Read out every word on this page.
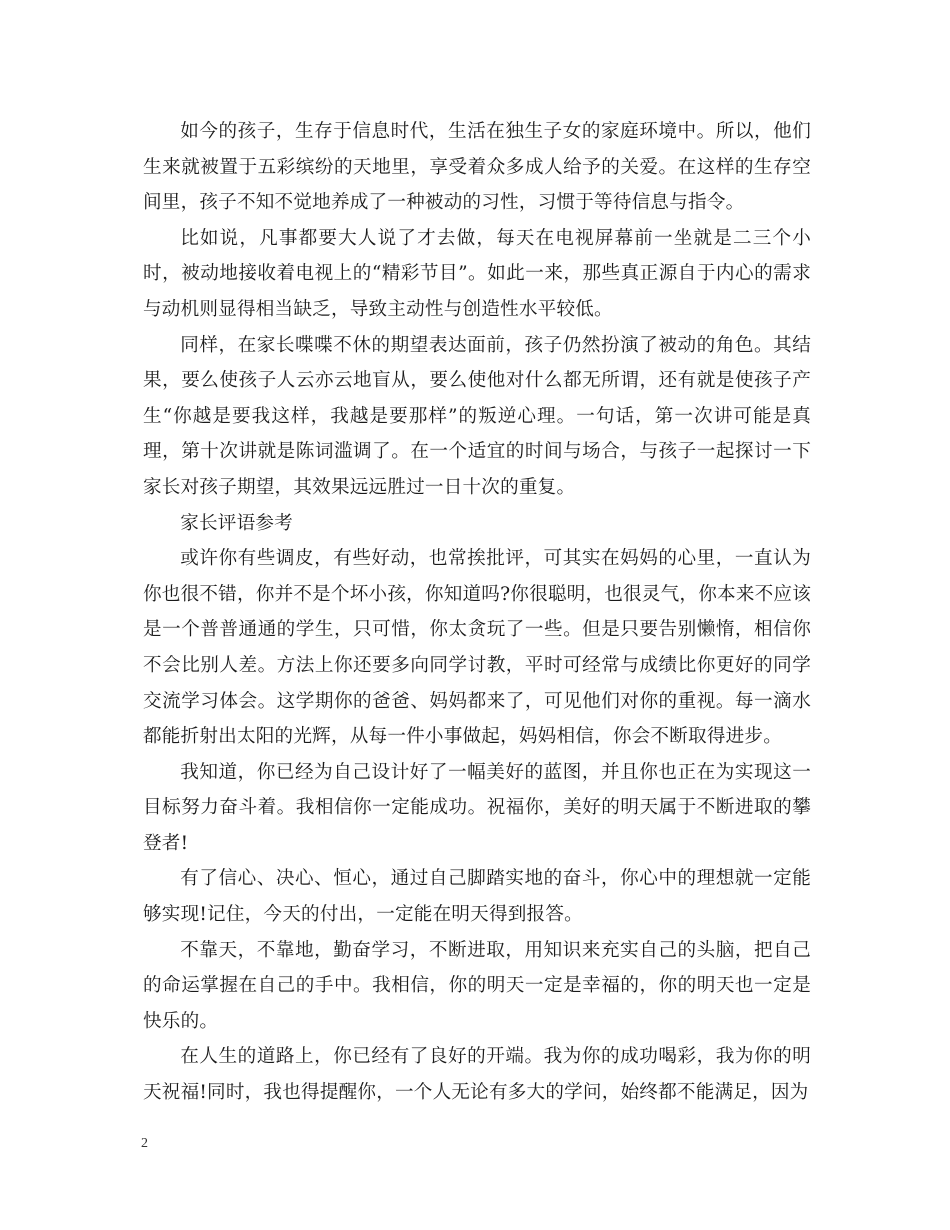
如今的孩子，生存于信息时代，生活在独生子女的家庭环境中。所以，他们生来就被置于五彩缤纷的天地里，享受着众多成人给予的关爱。在这样的生存空间里，孩子不知不觉地养成了一种被动的习性，习惯于等待信息与指令。

比如说，凡事都要大人说了才去做，每天在电视屏幕前一坐就是二三个小时，被动地接收着电视上的“精彩节目”。如此一来，那些真正源自于内心的需求与动机则显得相当缺乏，导致主动性与创造性水平较低。

同样，在家长喋喋不休的期望表达面前，孩子仍然扮演了被动的角色。其结果，要么使孩子人云亦云地盲从，要么使他对什么都无所谓，还有就是使孩子产生“你越是要我这样，我越是要那样”的叛逆心理。一句话，第一次讲可能是真理，第十次讲就是陈词滥调了。在一个适宜的时间与场合，与孩子一起探讨一下家长对孩子期望，其效果远远胜过一日十次的重复。

家长评语参考

或许你有些调皮，有些好动，也常挨批评，可其实在妈妈的心里，一直认为你也很不错，你并不是个坏小孩，你知道吗?你很聪明，也很灵气，你本来不应该是一个普普通通的学生，只可惜，你太贪玩了一些。但是只要告别懒惰，相信你不会比别人差。方法上你还要多向同学讨教，平时可经常与成绩比你更好的同学交流学习体会。这学期你的爸爸、妈妈都来了，可见他们对你的重视。每一滴水都能折射出太阳的光辉，从每一件小事做起，妈妈相信，你会不断取得进步。

我知道，你已经为自己设计好了一幅美好的蓝图，并且你也正在为实现这一目标努力奋斗着。我相信你一定能成功。祝福你，美好的明天属于不断进取的攀登者!

有了信心、决心、恒心，通过自己脚踏实地的奋斗，你心中的理想就一定能够实现!记住，今天的付出，一定能在明天得到报答。

不靠天，不靠地，勤奋学习，不断进取，用知识来充实自己的头脑，把自己的命运掌握在自己的手中。我相信，你的明天一定是幸福的，你的明天也一定是快乐的。

在人生的道路上，你已经有了良好的开端。我为你的成功喝彩，我为你的明天祝福!同时，我也得提醒你，一个人无论有多大的学问，始终都不能满足，因为

2
